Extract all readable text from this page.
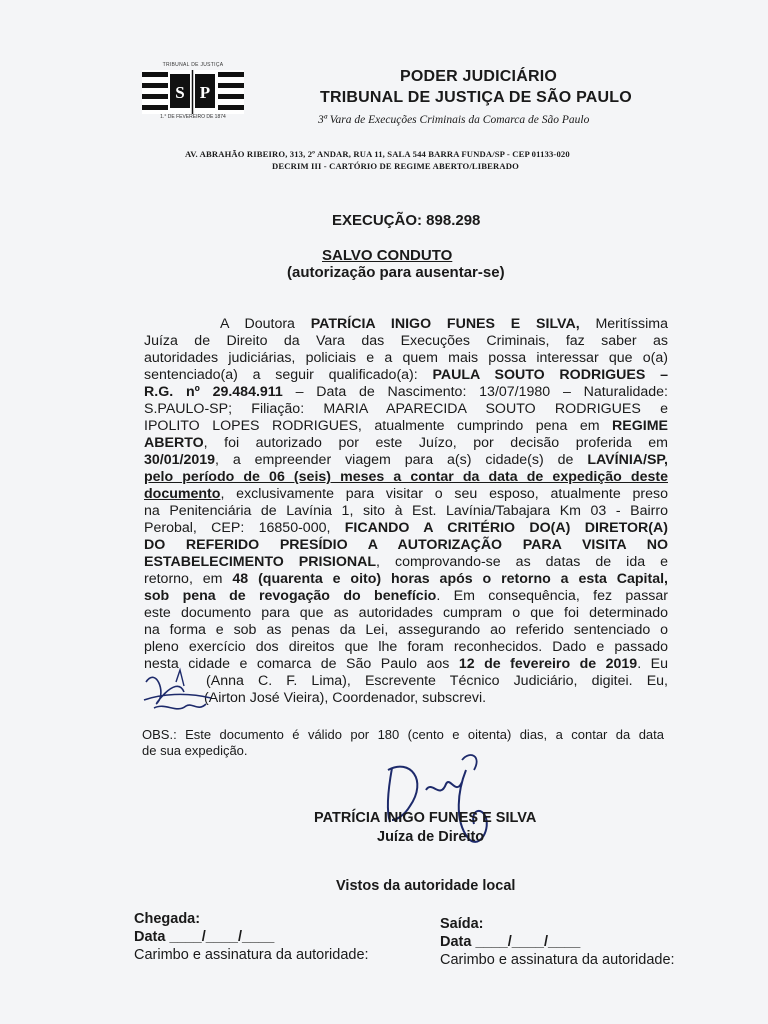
TRIBUNAL DE JUSTIÇA
S P
1.° DE FEVEREIRO DE 1874
PODER JUDICIÁRIO
TRIBUNAL DE JUSTIÇA DE SÃO PAULO
3ª Vara de Execuções Criminais da Comarca de São Paulo
AV. ABRAHÃO RIBEIRO, 313, 2º ANDAR, RUA 11, SALA 544 BARRA FUNDA/SP - CEP 01133-020
DECRIM III - CARTÓRIO DE REGIME ABERTO/LIBERADO
EXECUÇÃO: 898.298
SALVO CONDUTO
(autorização para ausentar-se)
A Doutora PATRÍCIA INIGO FUNES E SILVA, Meritíssima
Juíza de Direito da Vara das Execuções Criminais, faz saber as
autoridades judiciárias, policiais e a quem mais possa interessar que o(a)
sentenciado(a) a seguir qualificado(a): PAULA SOUTO RODRIGUES –
R.G. nº 29.484.911 – Data de Nascimento: 13/07/1980 – Naturalidade:
S.PAULO-SP; Filiação: MARIA APARECIDA SOUTO RODRIGUES e
IPOLITO LOPES RODRIGUES, atualmente cumprindo pena em REGIME
ABERTO, foi autorizado por este Juízo, por decisão proferida em
30/01/2019, a empreender viagem para a(s) cidade(s) de LAVÍNIA/SP,
pelo período de 06 (seis) meses a contar da data de expedição deste
documento, exclusivamente para visitar o seu esposo, atualmente preso
na Penitenciária de Lavínia 1, sito à Est. Lavínia/Tabajara Km 03 - Bairro
Perobal, CEP: 16850-000, FICANDO A CRITÉRIO DO(A) DIRETOR(A)
DO REFERIDO PRESÍDIO A AUTORIZAÇÃO PARA VISITA NO
ESTABELECIMENTO PRISIONAL, comprovando-se as datas de ida e
retorno, em 48 (quarenta e oito) horas após o retorno a esta Capital,
sob pena de revogação do benefício. Em consequência, fez passar
este documento para que as autoridades cumpram o que foi determinado
na forma e sob as penas da Lei, assegurando ao referido sentenciado o
pleno exercício dos direitos que lhe foram reconhecidos. Dado e passado
nesta cidade e comarca de São Paulo aos 12 de fevereiro de 2019. Eu
(Anna C. F. Lima), Escrevente Técnico Judiciário, digitei. Eu,
(Airton José Vieira), Coordenador, subscrevi.
OBS.: Este documento é válido por 180 (cento e oitenta) dias, a contar da data
de sua expedição.
PATRÍCIA INIGO FUNES E SILVA
Juíza de Direito
Vistos da autoridade local
Chegada:
Data ____/____/____
Carimbo e assinatura da autoridade:
Saída:
Data ____/____/____
Carimbo e assinatura da autoridade:
